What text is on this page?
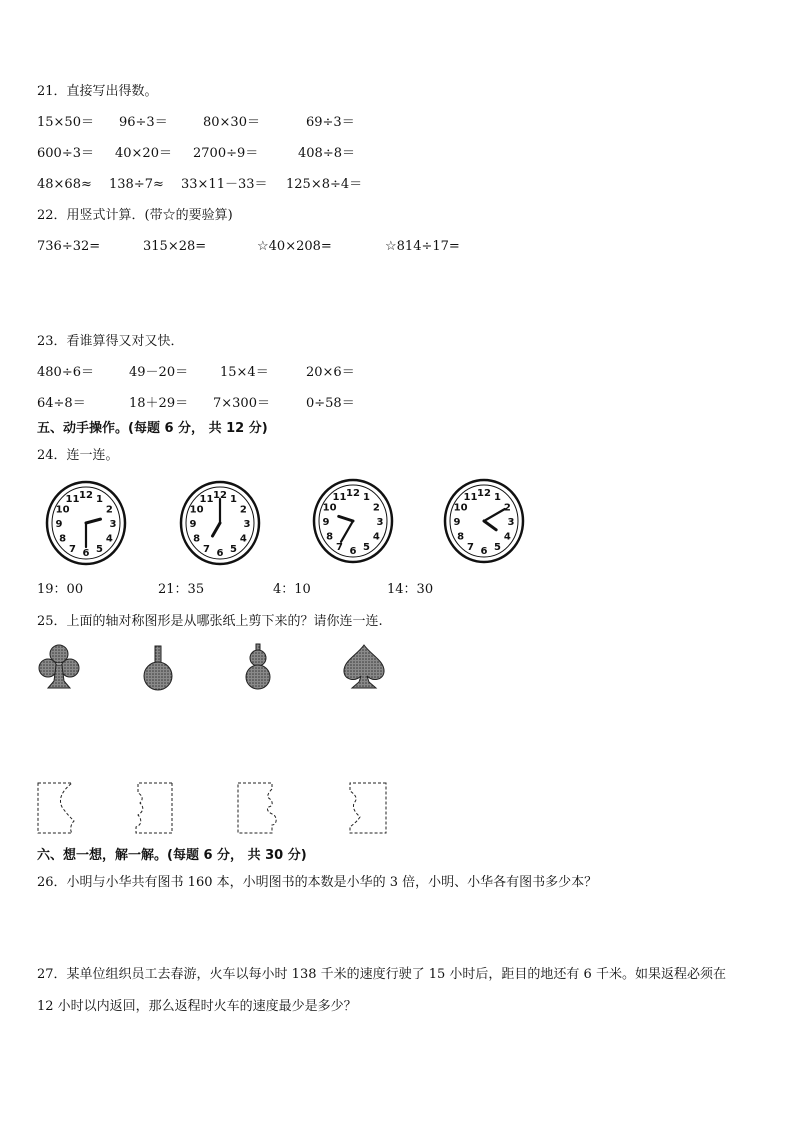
21．直接写出得数。
15×50＝ 96÷3＝	80×30＝	69÷3＝
600÷3＝ 40×20＝ 2700÷9＝	408÷8＝
48×68≈ 138÷7≈ 33×11－33＝ 125×8÷4＝
22．用竖式计算．(带☆的要验算)
736÷32=	315×28=	☆40×208=	☆814÷17=
23．看谁算得又对又快．
480÷6＝	49－20＝ 15×4＝	20×6＝
64÷8＝	18＋29＝ 7×300＝	0÷58＝
五、动手操作。(每题 6 分， 共 12 分)
24．连一连。
1
2
3
4
5
6
7
8
9
10
11 12	1
2
3
4
5
6
7
8
9
10
11 12	1
2
3
4
5
6
7
8
9
10
11 12	1
2
3
4
5
6
7
8
9
10
11 12
19：00	21：35	4：10	14：30
25．上面的轴对称图形是从哪张纸上剪下来的？请你连一连.
六、想一想，解一解。(每题 6 分， 共 30 分)
26．小明与小华共有图书 160 本，小明图书的本数是小华的 3 倍，小明、小华各有图书多少本？
27．某单位组织员工去春游，火车以每小时 138 千米的速度行驶了 15 小时后，距目的地还有 6 千米。如果返程必须在
12 小时以内返回，那么返程时火车的速度最少是多少？
